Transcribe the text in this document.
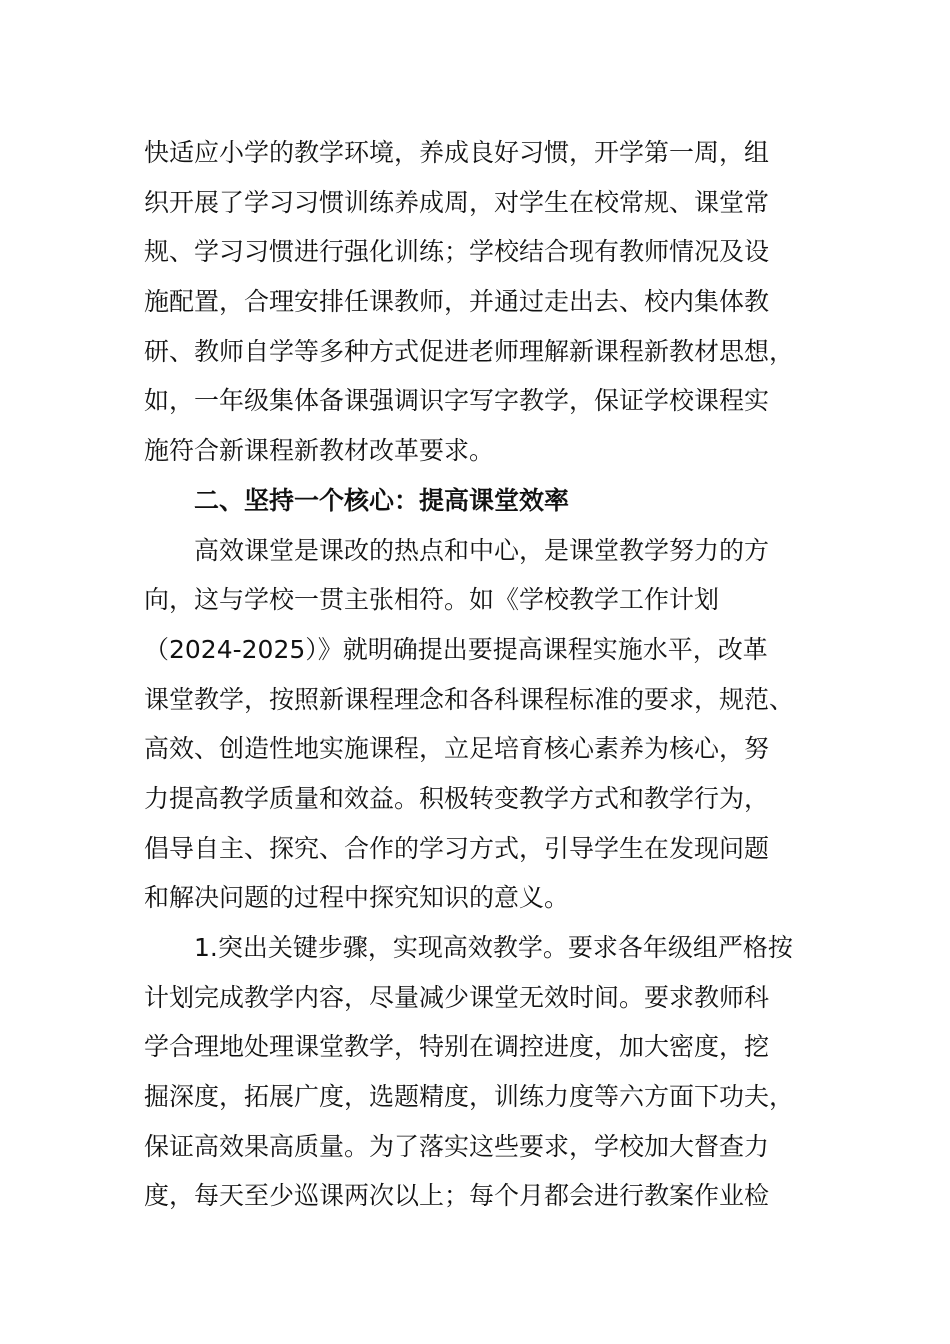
快适应小学的教学环境，养成良好习惯，开学第一周，组
织开展了学习习惯训练养成周，对学生在校常规、课堂常
规、学习习惯进行强化训练；学校结合现有教师情况及设
施配置，合理安排任课教师，并通过走出去、校内集体教
研、教师自学等多种方式促进老师理解新课程新教材思想，
如，一年级集体备课强调识字写字教学，保证学校课程实
施符合新课程新教材改革要求。
二、坚持一个核心：提高课堂效率
高效课堂是课改的热点和中心，是课堂教学努力的方
向，这与学校一贯主张相符。如《学校教学工作计划
（2024-2025）》就明确提出要提高课程实施水平，改革
课堂教学，按照新课程理念和各科课程标准的要求，规范、
高效、创造性地实施课程，立足培育核心素养为核心，努
力提高教学质量和效益。积极转变教学方式和教学行为，
倡导自主、探究、合作的学习方式，引导学生在发现问题
和解决问题的过程中探究知识的意义。
1.突出关键步骤，实现高效教学。要求各年级组严格按
计划完成教学内容，尽量减少课堂无效时间。要求教师科
学合理地处理课堂教学，特别在调控进度，加大密度，挖
掘深度，拓展广度，选题精度，训练力度等六方面下功夫，
保证高效果高质量。为了落实这些要求，学校加大督查力
度，每天至少巡课两次以上；每个月都会进行教案作业检
